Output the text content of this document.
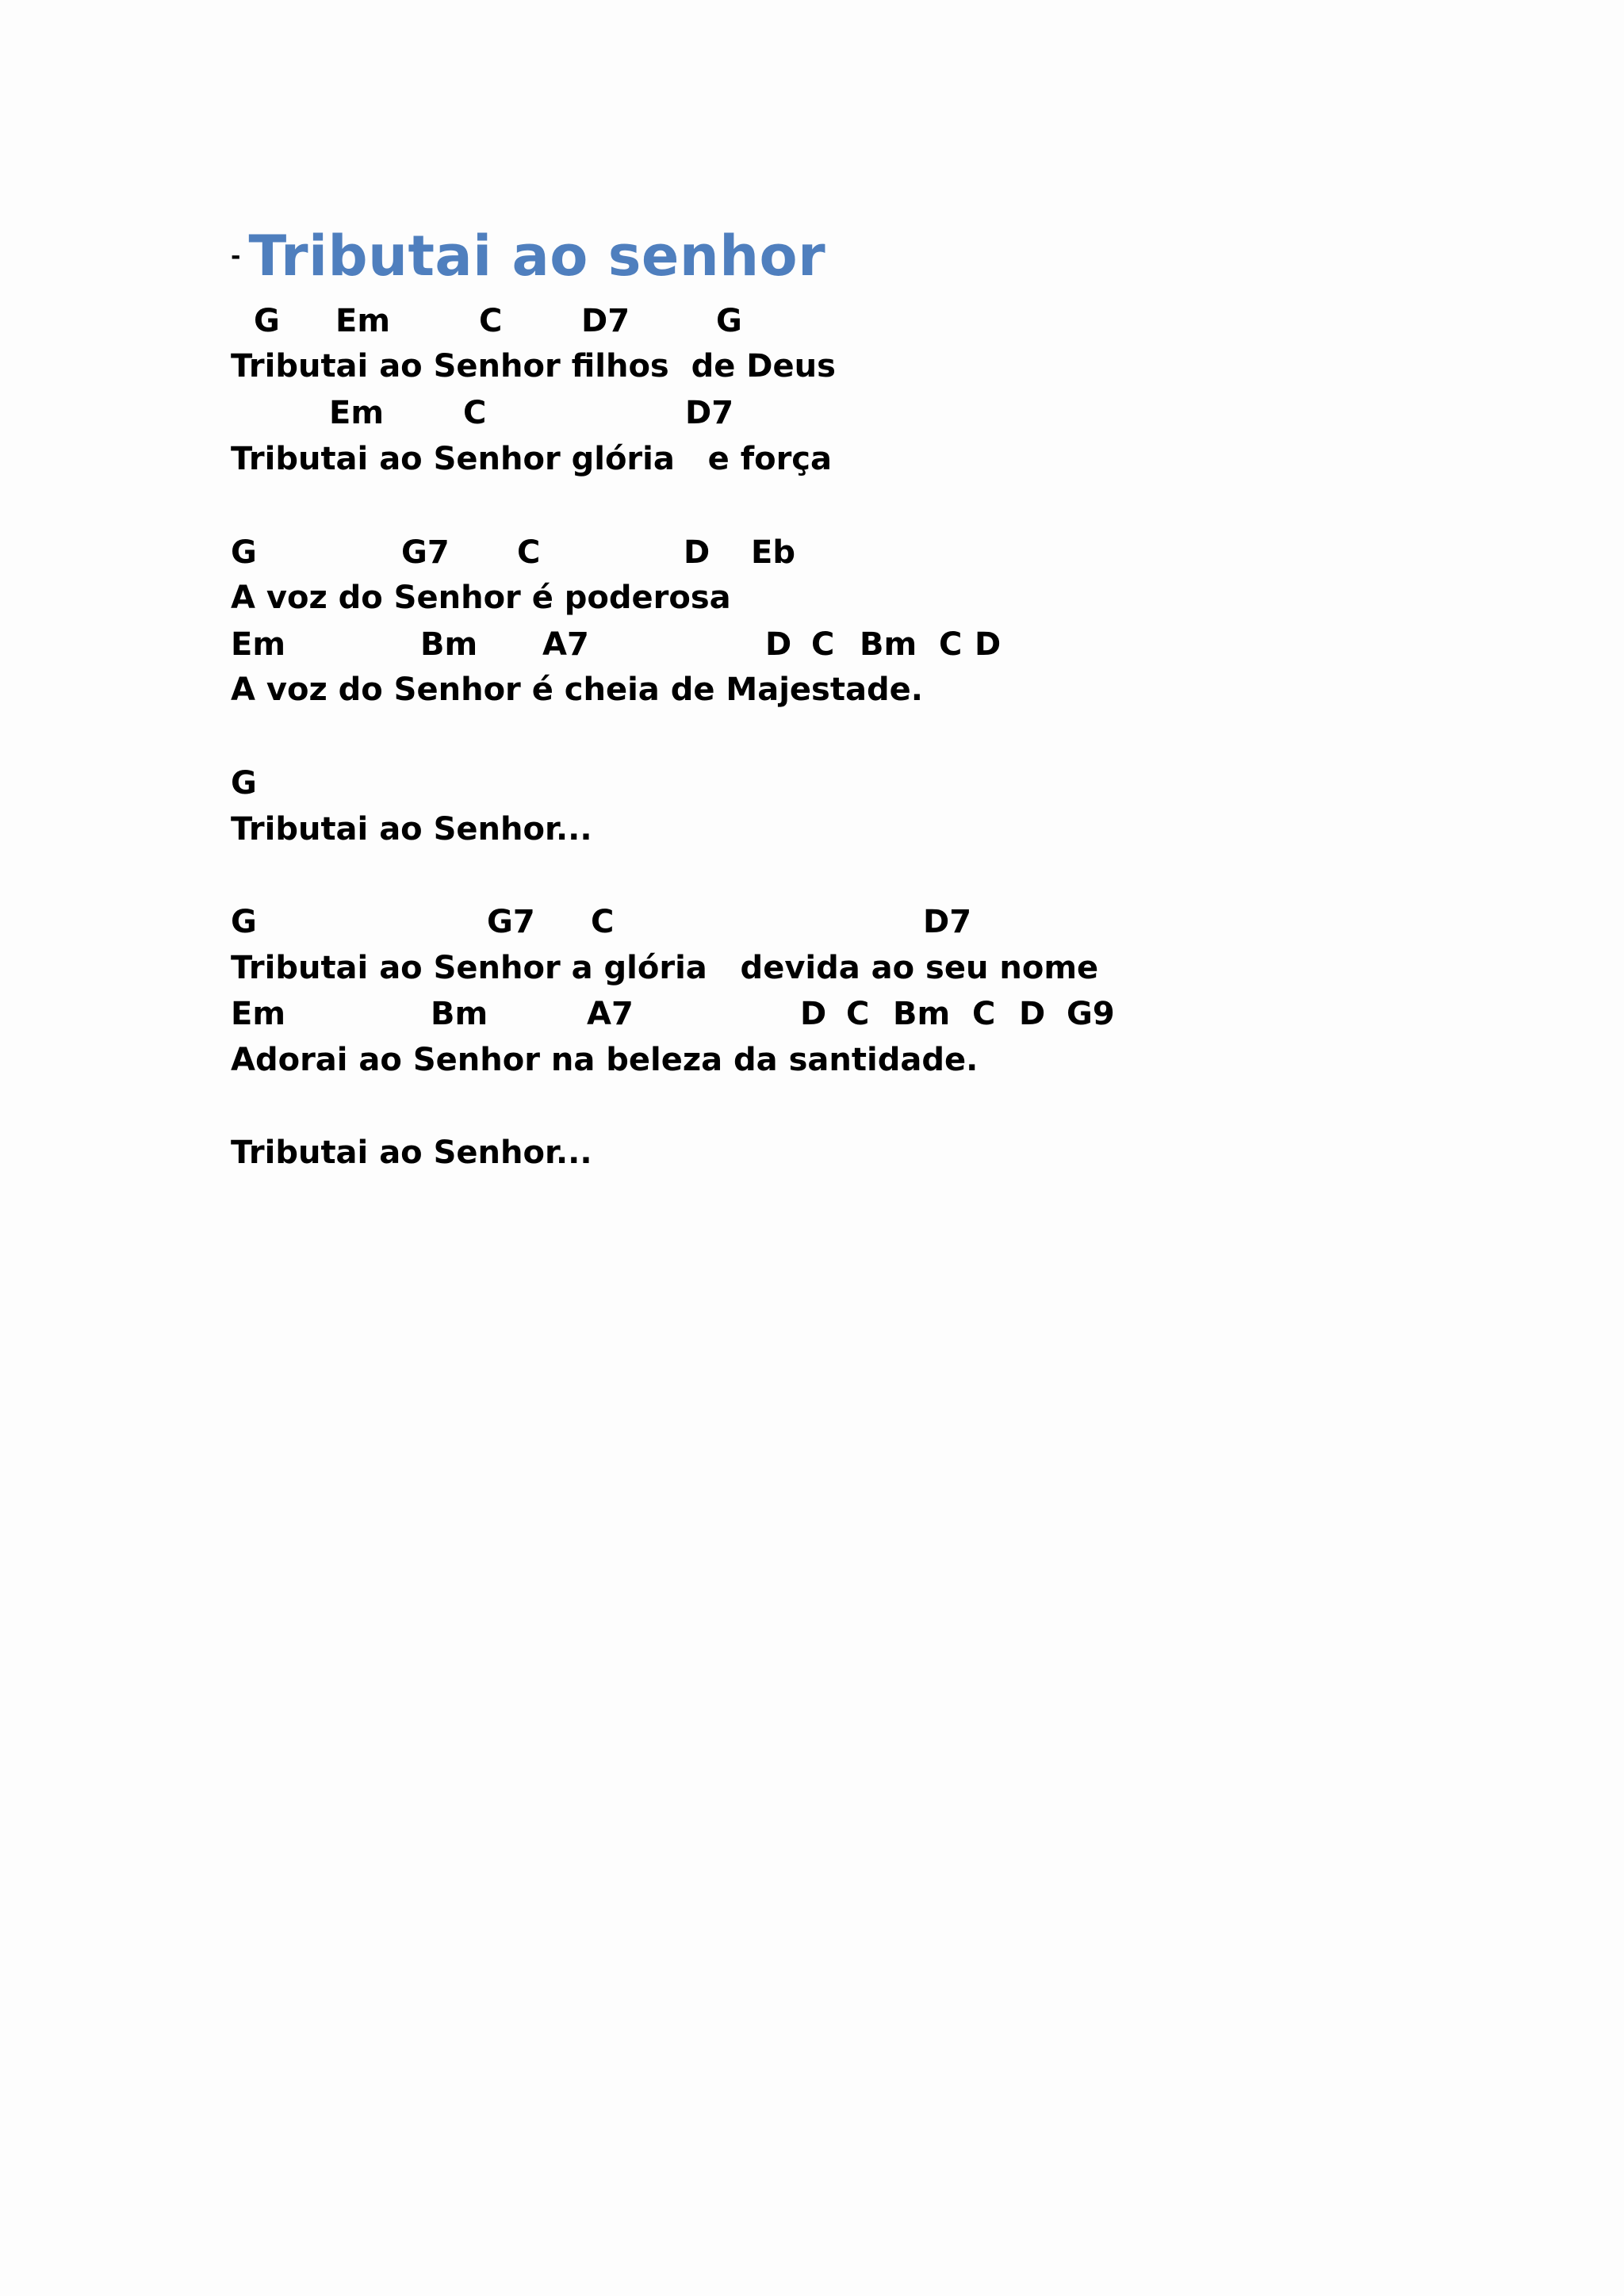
- Tributai ao senhor
G Em	C D7	G
Tributai ao Senhor filhos  de Deus
Em C	D7
Tributai ao Senhor glória   e força
G	G7 C	D Eb
A voz do Senhor é poderosa
Em	Bm A7	D C Bm C D
A voz do Senhor é cheia de Majestade.
G
Tributai ao Senhor...
G	G7 C	D7
Tributai ao Senhor a glória   devida ao seu nome
Em	Bm	A7	D C Bm C D G9
Adorai ao Senhor na beleza da santidade.
Tributai ao Senhor...
